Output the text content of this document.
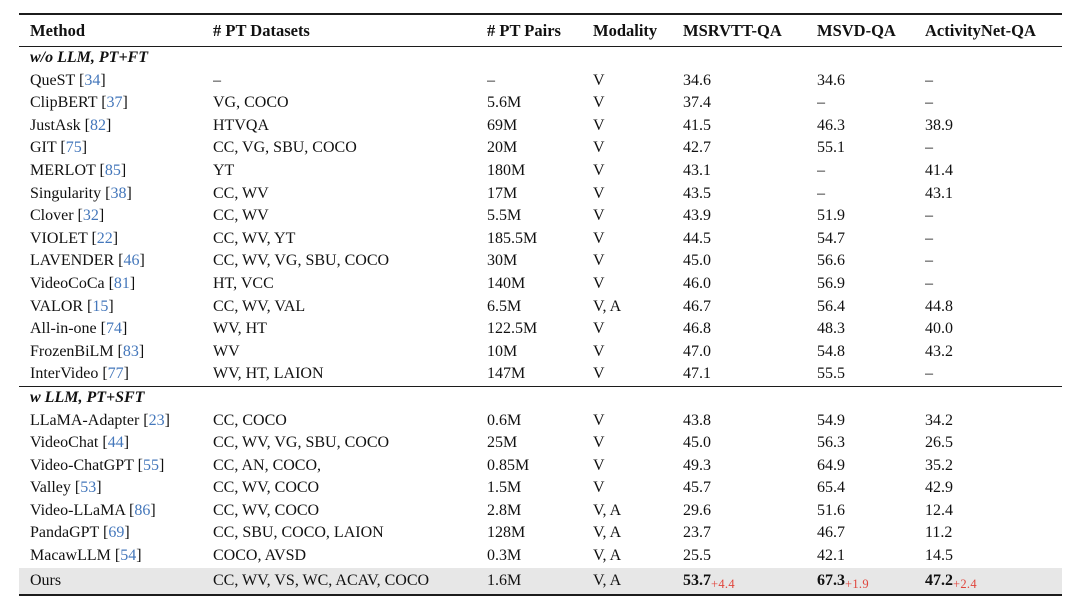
Method	# PT Datasets	# PT Pairs	Modality	MSRVTT-QA	MSVD-QA	ActivityNet-QA
w/o LLM, PT+FT						
QueST [34]	–	–	V	34.6	34.6	–
ClipBERT [37]	VG, COCO	5.6M	V	37.4	–	–
JustAsk [82]	HTVQA	69M	V	41.5	46.3	38.9
GIT [75]	CC, VG, SBU, COCO	20M	V	42.7	55.1	–
MERLOT [85]	YT	180M	V	43.1	–	41.4
Singularity [38]	CC, WV	17M	V	43.5	–	43.1
Clover [32]	CC, WV	5.5M	V	43.9	51.9	–
VIOLET [22]	CC, WV, YT	185.5M	V	44.5	54.7	–
LAVENDER [46]	CC, WV, VG, SBU, COCO	30M	V	45.0	56.6	–
VideoCoCa [81]	HT, VCC	140M	V	46.0	56.9	–
VALOR [15]	CC, WV, VAL	6.5M	V, A	46.7	56.4	44.8
All-in-one [74]	WV, HT	122.5M	V	46.8	48.3	40.0
FrozenBiLM [83]	WV	10M	V	47.0	54.8	43.2
InterVideo [77]	WV, HT, LAION	147M	V	47.1	55.5	–
w LLM, PT+SFT						
LLaMA-Adapter [23]	CC, COCO	0.6M	V	43.8	54.9	34.2
VideoChat [44]	CC, WV, VG, SBU, COCO	25M	V	45.0	56.3	26.5
Video-ChatGPT [55]	CC, AN, COCO,	0.85M	V	49.3	64.9	35.2
Valley [53]	CC, WV, COCO	1.5M	V	45.7	65.4	42.9
Video-LLaMA [86]	CC, WV, COCO	2.8M	V, A	29.6	51.6	12.4
PandaGPT [69]	CC, SBU, COCO, LAION	128M	V, A	23.7	46.7	11.2
MacawLLM [54]	COCO, AVSD	0.3M	V, A	25.5	42.1	14.5
Ours	CC, WV, VS, WC, ACAV, COCO	1.6M	V, A	53.7+4.4	67.3+1.9	47.2+2.4
